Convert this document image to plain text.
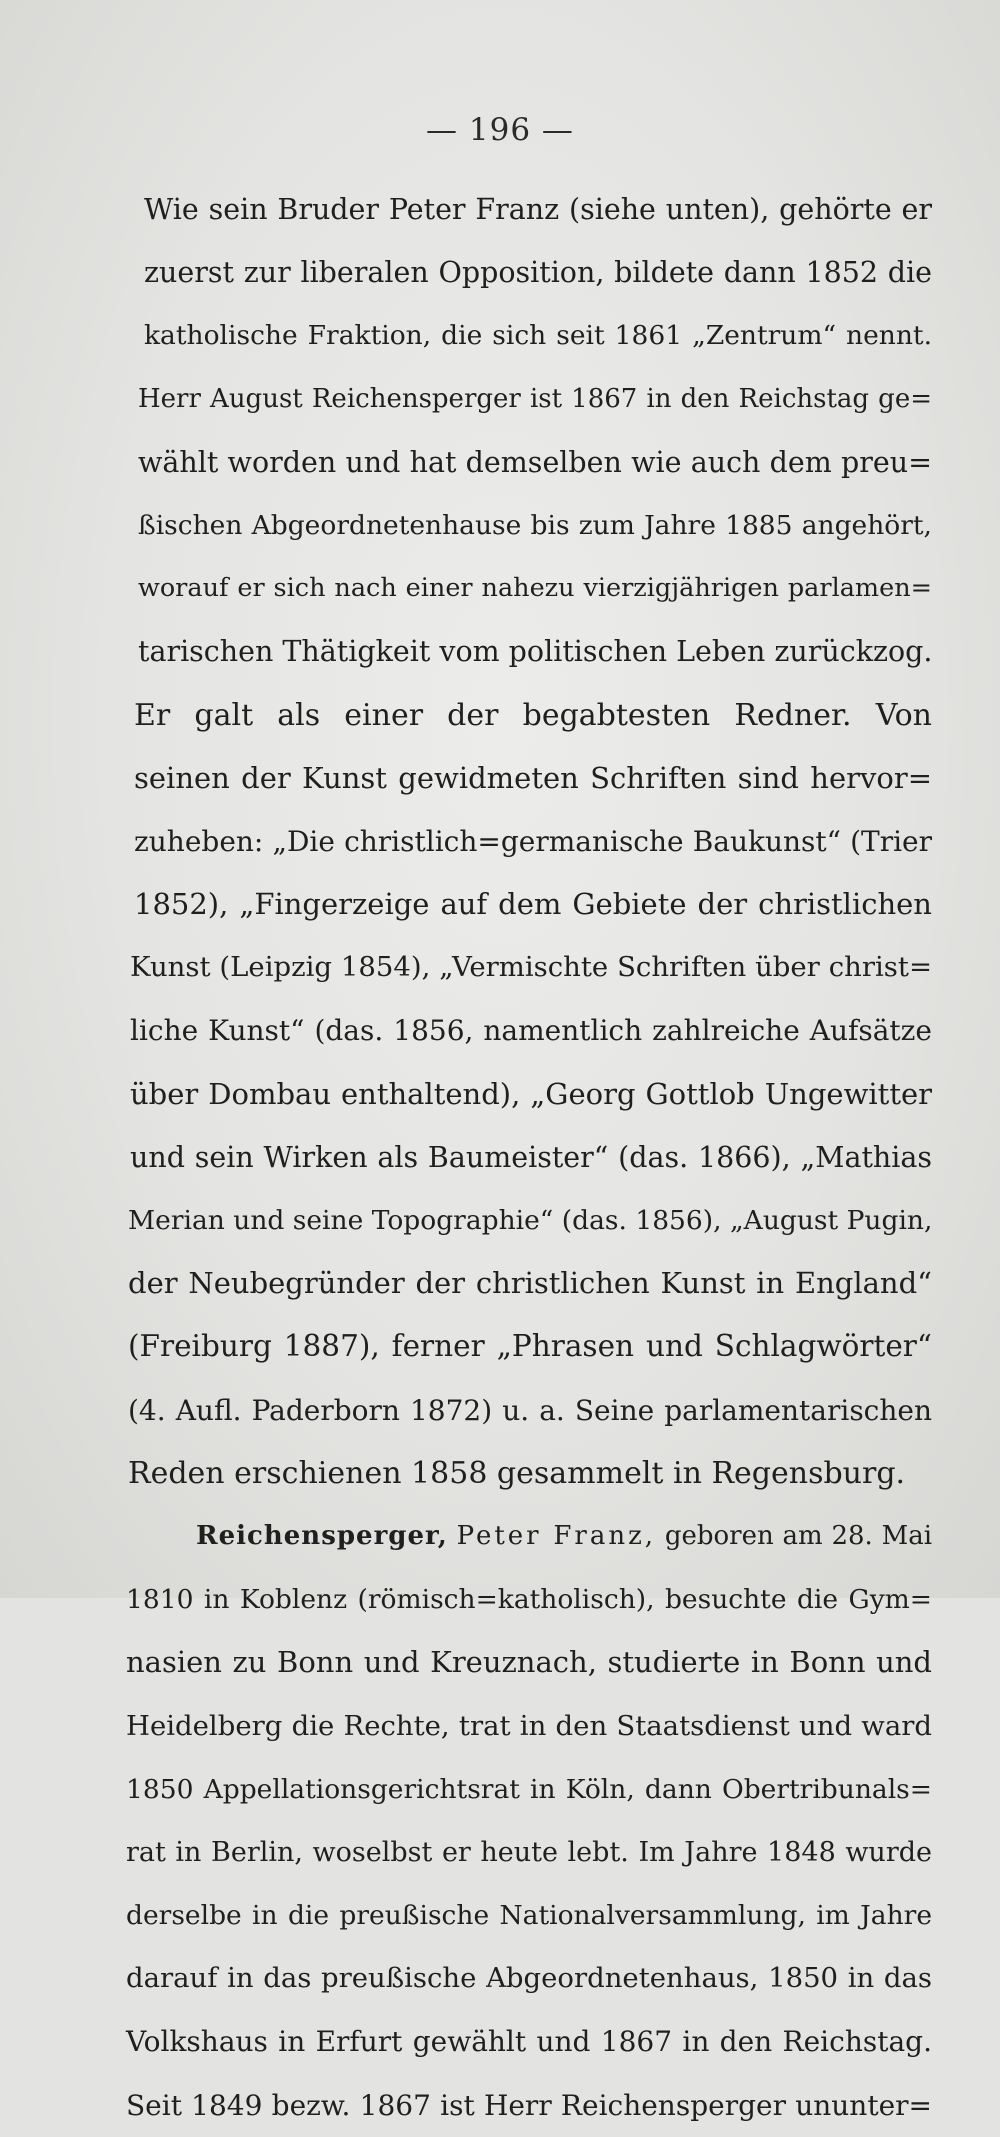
— 196 —
Wie sein Bruder Peter Franz (siehe unten), gehörte er
zuerst zur liberalen Opposition, bildete dann 1852 die
katholische Fraktion, die sich seit 1861 „Zentrum“ nennt.
Herr August Reichensperger ist 1867 in den Reichstag ge=
wählt worden und hat demselben wie auch dem preu=
ßischen Abgeordnetenhause bis zum Jahre 1885 angehört,
worauf er sich nach einer nahezu vierzigjährigen parlamen=
tarischen Thätigkeit vom politischen Leben zurückzog.
Er galt als einer der begabtesten Redner. Von
seinen der Kunst gewidmeten Schriften sind hervor=
zuheben: „Die christlich=germanische Baukunst“ (Trier
1852), „Fingerzeige auf dem Gebiete der christlichen
Kunst (Leipzig 1854), „Vermischte Schriften über christ=
liche Kunst“ (das. 1856, namentlich zahlreiche Aufsätze
über Dombau enthaltend), „Georg Gottlob Ungewitter
und sein Wirken als Baumeister“ (das. 1866), „Mathias
Merian und seine Topographie“ (das. 1856), „August Pugin,
der Neubegründer der christlichen Kunst in England“
(Freiburg 1887), ferner „Phrasen und Schlagwörter“
(4. Aufl. Paderborn 1872) u. a. Seine parlamentarischen
Reden erschienen 1858 gesammelt in Regensburg.
Reichensperger, Peter Franz, geboren am 28. Mai
1810 in Koblenz (römisch=katholisch), besuchte die Gym=
nasien zu Bonn und Kreuznach, studierte in Bonn und
Heidelberg die Rechte, trat in den Staatsdienst und ward
1850 Appellationsgerichtsrat in Köln, dann Obertribunals=
rat in Berlin, woselbst er heute lebt. Im Jahre 1848 wurde
derselbe in die preußische Nationalversammlung, im Jahre
darauf in das preußische Abgeordnetenhaus, 1850 in das
Volkshaus in Erfurt gewählt und 1867 in den Reichstag.
Seit 1849 bezw. 1867 ist Herr Reichensperger ununter=
